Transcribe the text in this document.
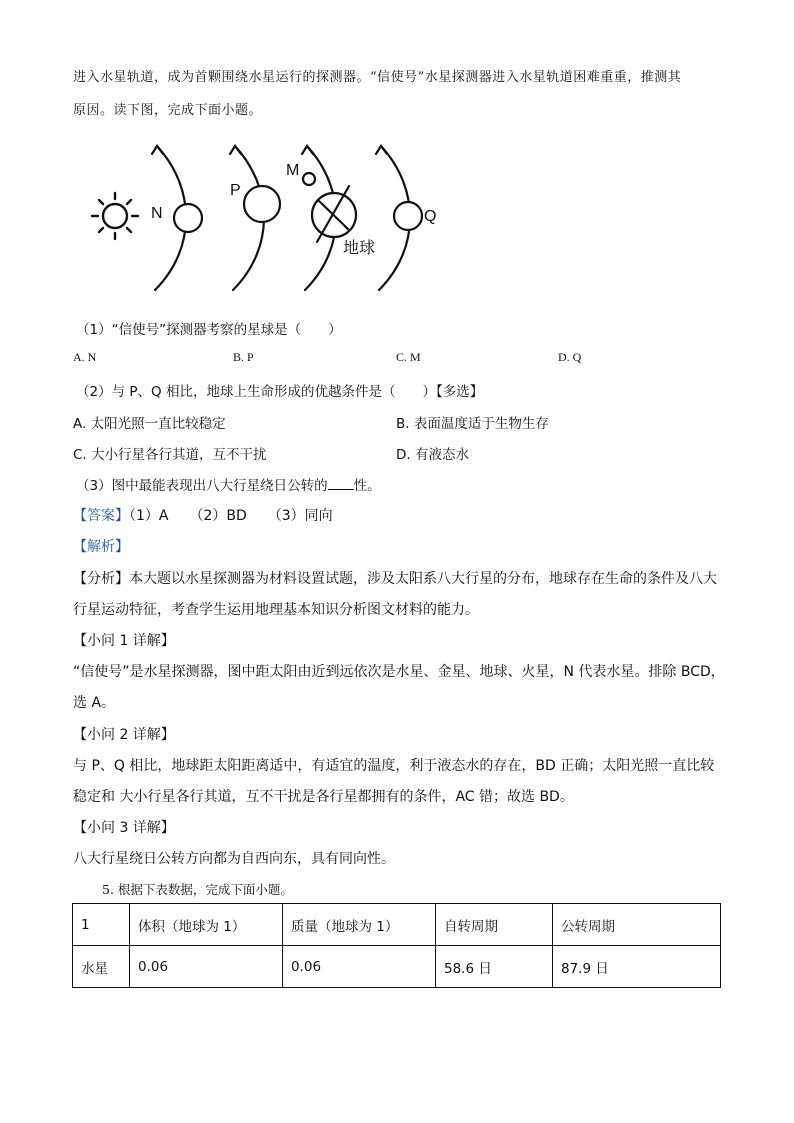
进入水星轨道，成为首颗围绕水星运行的探测器。“信使号”水星探测器进入水星轨道困难重重，推测其
原因。读下图，完成下面小题。
N
P
M
Q
地球
（1）“信使号”探测器考察的星球是（　　）
A. N	B. P	C. M	D. Q
（2）与 P、Q 相比，地球上生命形成的优越条件是（　　）【多选】
A. 太阳光照一直比较稳定	B. 表面温度适于生物生存
C. 大小行星各行其道，互不干扰	D. 有液态水
（3）图中最能表现出八大行星绕日公转的 性。
【答案】（1）A　　（2）BD　　（3）同向
【解析】
【分析】本大题以水星探测器为材料设置试题，涉及太阳系八大行星的分布，地球存在生命的条件及八大
行星运动特征，考查学生运用地理基本知识分析图文材料的能力。
【小问 1 详解】
“信使号”是水星探测器，图中距太阳由近到远依次是水星、金星、地球、火星，N 代表水星。排除 BCD，
选 A。
【小问 2 详解】
与 P、Q 相比，地球距太阳距离适中，有适宜的温度，利于液态水的存在，BD 正确；太阳光照一直比较
稳定和 大小行星各行其道，互不干扰是各行星都拥有的条件，AC 错；故选 BD。
【小问 3 详解】
八大行星绕日公转方向都为自西向东，具有同向性。
5. 根据下表数据，完成下面小题。
1	体积（地球为 1）	质量（地球为 1）	自转周期	公转周期
水星	0.06	0.06	58.6 日	87.9 日
